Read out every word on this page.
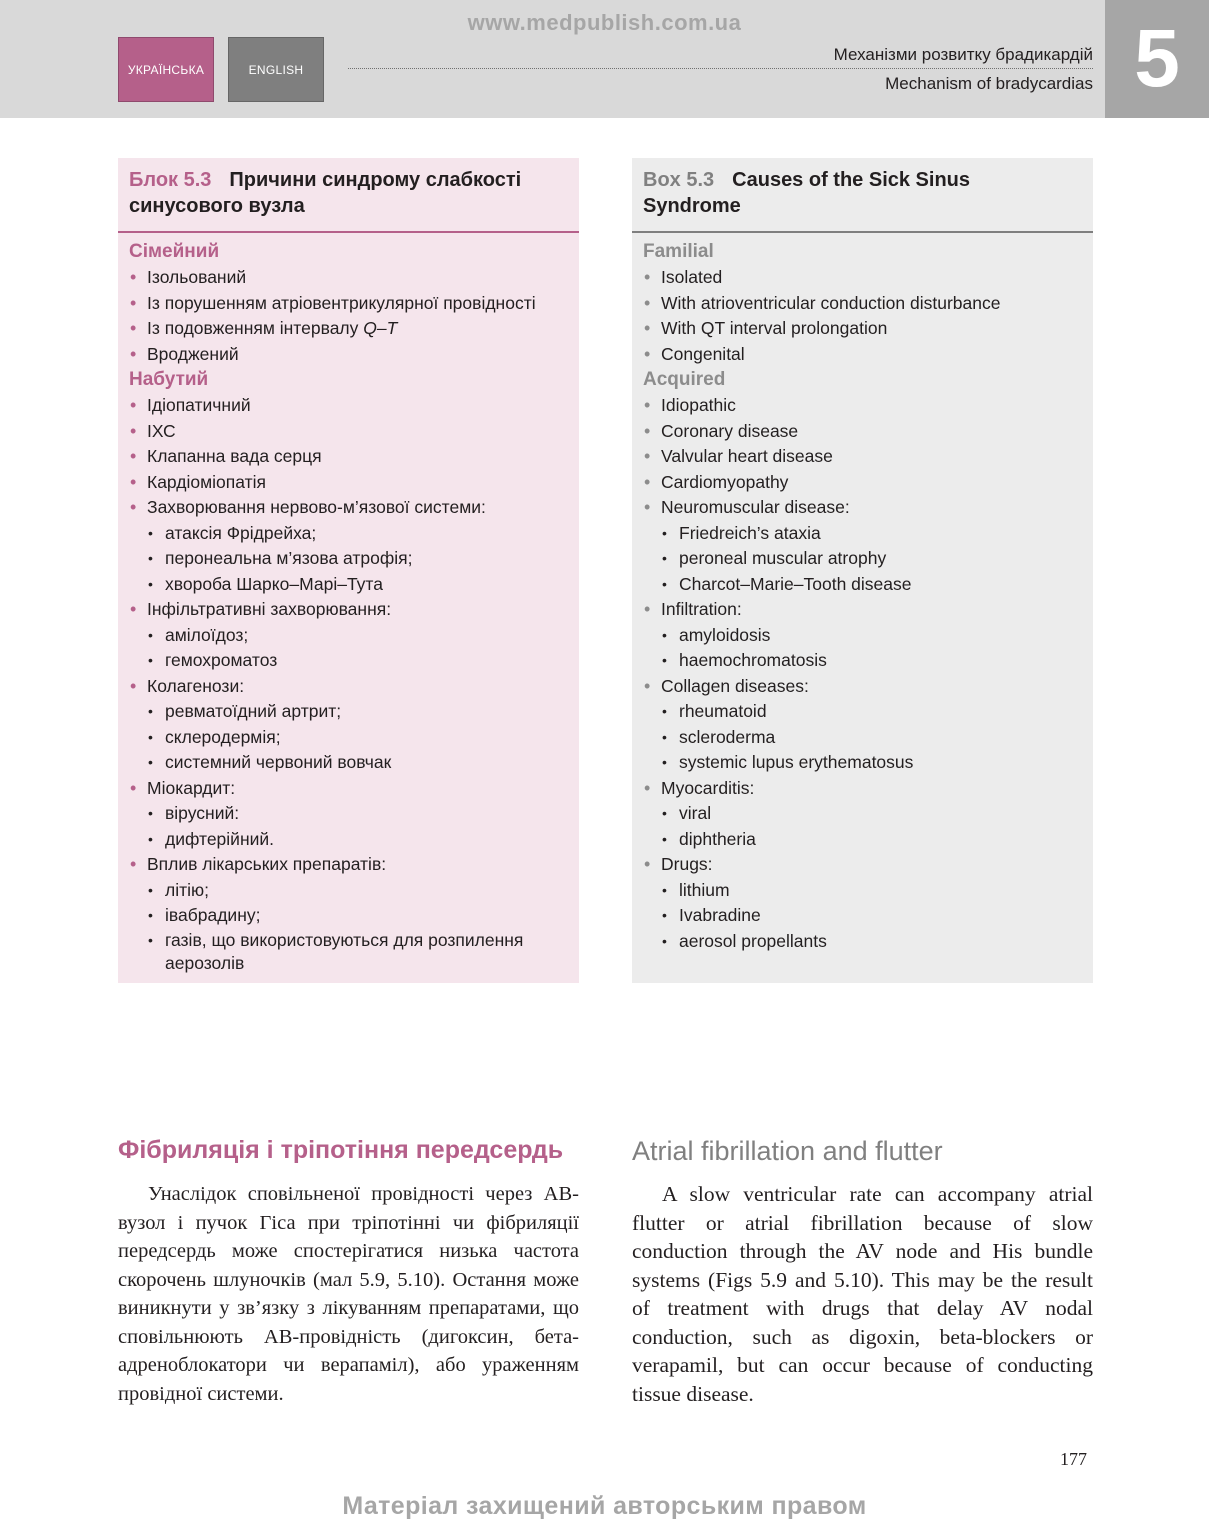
www.medpublish.com.ua
УКРАЇНСЬКА	ENGLISH
Механізми розвитку брадикардій
Mechanism of bradycardias 5
Блок 5.3 Причини синдрому слабкості
синусового вузла
Сімейний
• Ізольований
• Із порушенням атріовентрикулярної провідності
• Із подовженням інтервалу Q–T
• Вроджений
Набутий
• Ідіопатичний
• ІХС
• Клапанна вада серця
• Кардіоміопатія
• Захворювання нервово-м’язової системи:
• атаксія Фрідрейха;
• перонеальна м’язова атрофія;
• хвороба Шарко–Марі–Тута
• Інфільтративні захворювання:
• амілоїдоз;
• гемохроматоз
• Колагенози:
• ревматоїдний артрит;
• склеродермія;
• системний червоний вовчак
• Міокардит:
• вірусний:
• дифтерійний.
• Вплив лікарських препаратів:
• літію;
• івабрадину;
• газів, що використовуються для розпилення аерозолів
Box 5.3 Causes of the Sick Sinus
Syndrome
Familial
• Isolated
• With atrioventricular conduction disturbance
• With QT interval prolongation
• Congenital
Acquired
• Idiopathic
• Coronary disease
• Valvular heart disease
• Cardiomyopathy
• Neuromuscular disease:
• Friedreich’s ataxia
• peroneal muscular atrophy
• Charcot–Marie–Tooth disease
• Infiltration:
• amyloidosis
• haemochromatosis
• Collagen diseases:
• rheumatoid
• scleroderma
• systemic lupus erythematosus
• Myocarditis:
• viral
• diphtheria
• Drugs:
• lithium
• Ivabradine
• aerosol propellants
Фібриляція і тріпотіння передсердь	Atrial fibrillation and flutter
Унаслідок сповільненої провідності через АВ-вузол і пучок Гіса при тріпотінні чи фібриляції передсердь може спостерігатися низька частота скорочень шлуночків (мал 5.9, 5.10). Остання може виникнути у зв’язку з лікуванням препаратами, що сповільнюють АВ-провідність (дигоксин, бета-адреноблокатори чи верапаміл), або ураженням провідної системи.
A slow ventricular rate can accompany atrial flutter or atrial fibrillation because of slow conduction through the AV node and His bundle systems (Figs 5.9 and 5.10). This may be the result of treatment with drugs that delay AV nodal conduction, such as digoxin, beta-blockers or verapamil, but can occur because of conducting tissue disease.
177
Матеріал захищений авторським правом
